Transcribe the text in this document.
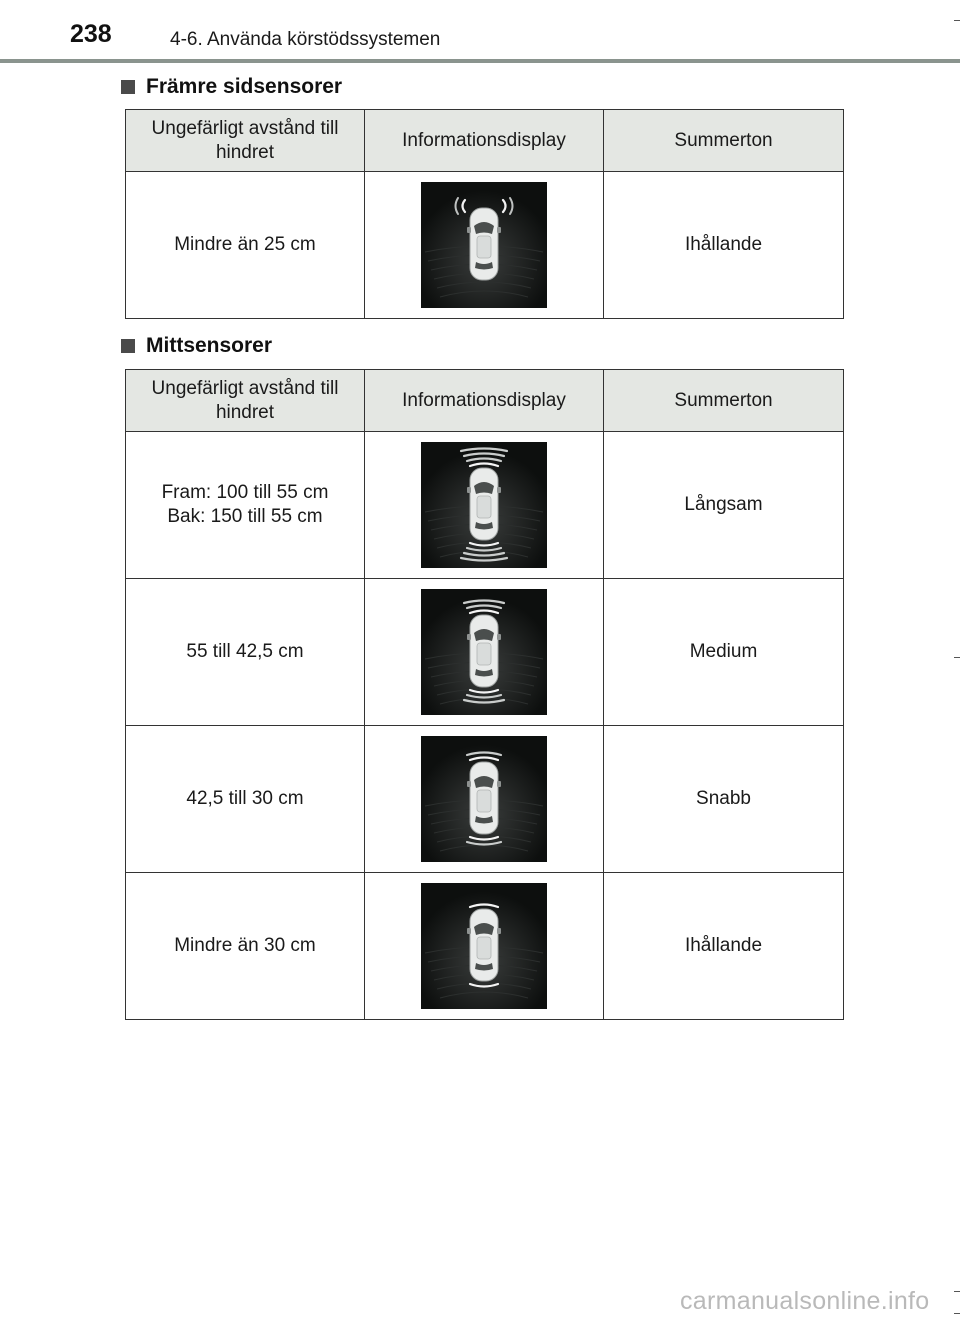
238	4-6. Använda körstödssystemen
Främre sidsensorer
Ungefärligt avstånd till hindret	Informationsdisplay	Summerton

Mindre än 25 cm		Ihållande
Mittsensorer
Ungefärligt avstånd till hindret	Informationsdisplay	Summerton

Fram: 100 till 55 cm
Bak: 150 till 55 cm		Långsam

55 till 42,5 cm		Medium

42,5 till 30 cm		Snabb

Mindre än 30 cm		Ihållande
carmanualsonline.info
